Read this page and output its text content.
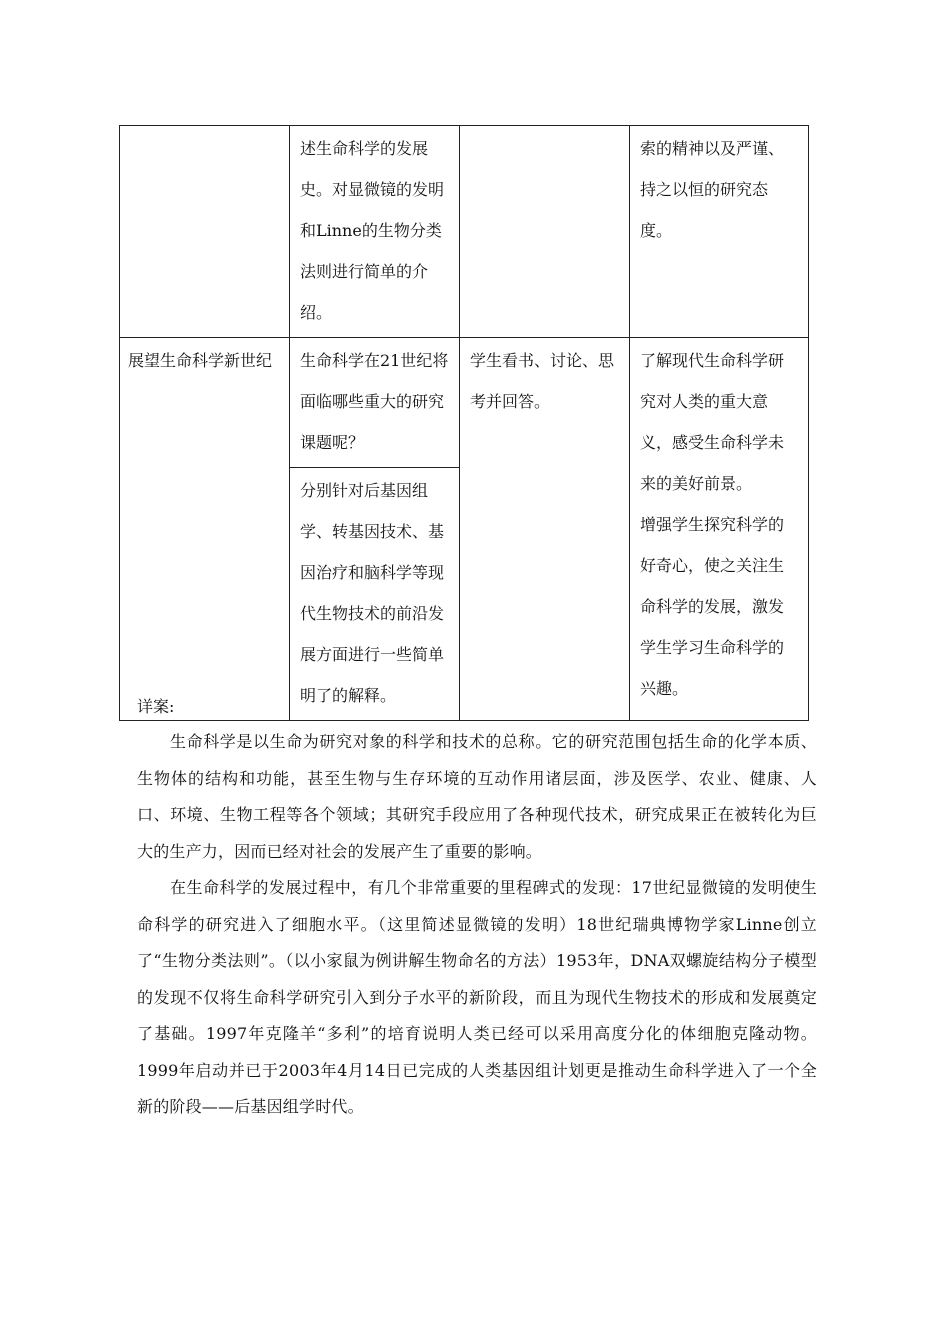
	述生命科学的发展史。对显微镜的发明和Linne的生物分类法则进行简单的介绍。		索的精神以及严谨、持之以恒的研究态度。
展望生命科学新世纪	生命科学在21世纪将面临哪些重大的研究课题呢？	学生看书、讨论、思考并回答。	了解现代生命科学研究对人类的重大意义，感受生命科学未来的美好前景。
增强学生探究科学的好奇心，使之关注生命科学的发展，激发学生学习生命科学的兴趣。

	分别针对后基因组学、转基因技术、基因治疗和脑科学等现代生物技术的前沿发展方面进行一些简单明了的解释。		
详案:

生命科学是以生命为研究对象的科学和技术的总称。它的研究范围包括生命的化学本质、生物体的结构和功能，甚至生物与生存环境的互动作用诸层面，涉及医学、农业、健康、人口、环境、生物工程等各个领域；其研究手段应用了各种现代技术，研究成果正在被转化为巨大的生产力，因而已经对社会的发展产生了重要的影响。

在生命科学的发展过程中，有几个非常重要的里程碑式的发现：17世纪显微镜的发明使生命科学的研究进入了细胞水平。（这里简述显微镜的发明）18世纪瑞典博物学家Linne创立了“生物分类法则”。（以小家鼠为例讲解生物命名的方法）1953年，DNA双螺旋结构分子模型的发现不仅将生命科学研究引入到分子水平的新阶段，而且为现代生物技术的形成和发展奠定了基础。1997年克隆羊“多利”的培育说明人类已经可以采用高度分化的体细胞克隆动物。1999年启动并已于2003年4月14日已完成的人类基因组计划更是推动生命科学进入了一个全新的阶段——后基因组学时代。
